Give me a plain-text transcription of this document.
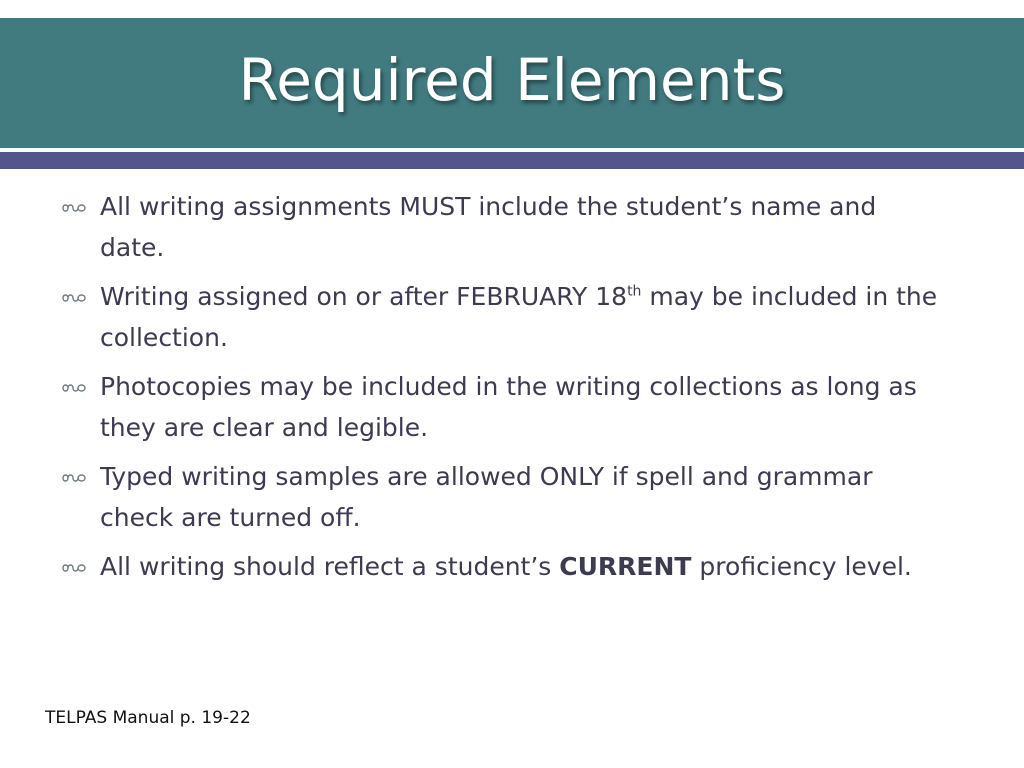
Required Elements
All writing assignments MUST include the student’s name and date.
Writing assigned on or after FEBRUARY 18th may be included in the collection.
Photocopies may be included in the writing collections as long as they are clear and legible.
Typed writing samples are allowed ONLY if spell and grammar check are turned off.
All writing should reflect a student’s CURRENT proficiency level.
TELPAS Manual p. 19-22
